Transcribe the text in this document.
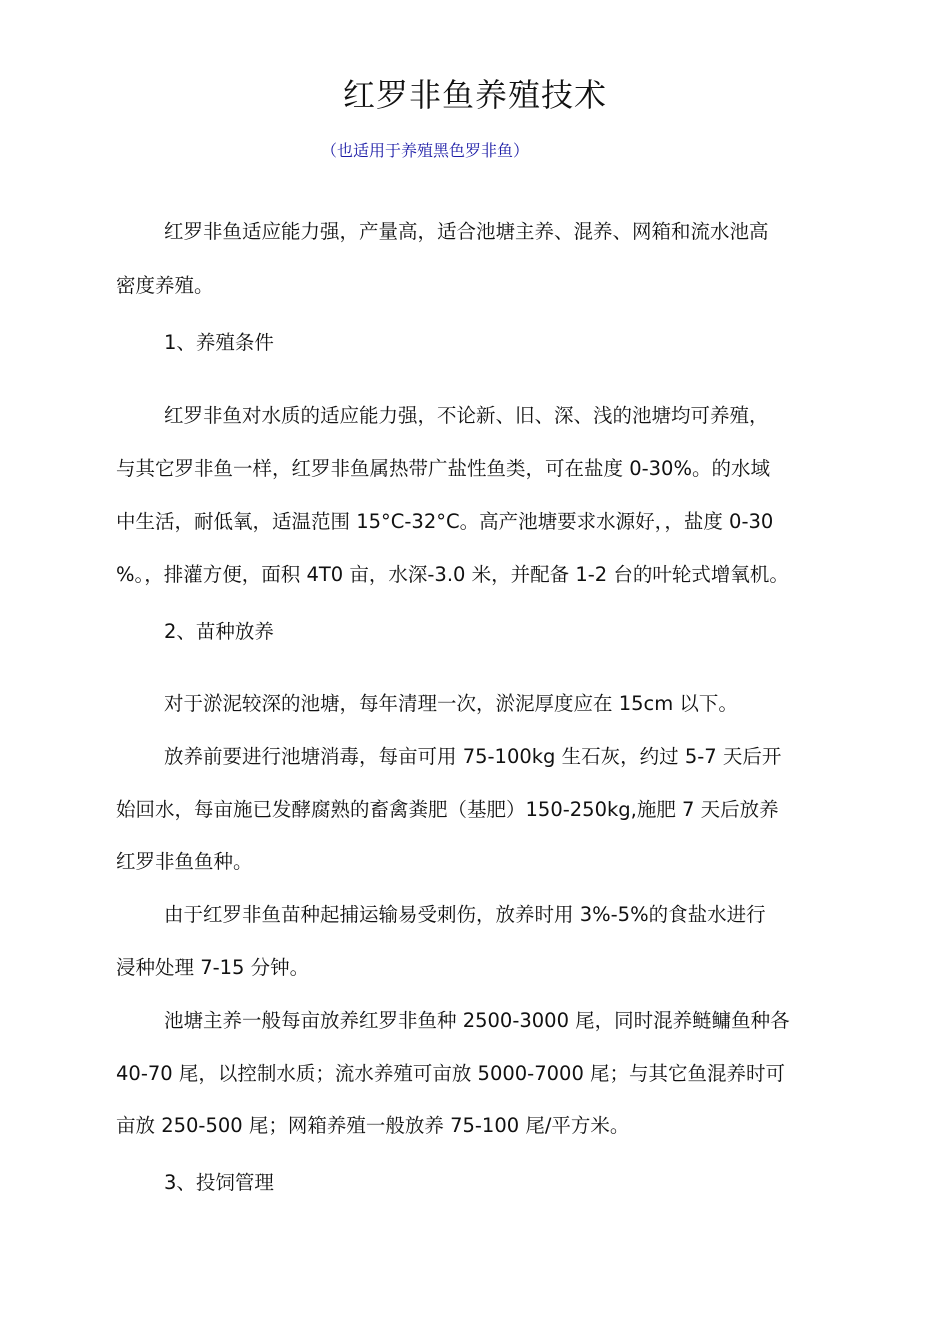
红罗非鱼养殖技术
（也适用于养殖黑色罗非鱼）
红罗非鱼适应能力强，产量高，适合池塘主养、混养、网箱和流水池高
密度养殖。
1、养殖条件
红罗非鱼对水质的适应能力强，不论新、旧、深、浅的池塘均可养殖，
与其它罗非鱼一样，红罗非鱼属热带广盐性鱼类，可在盐度 0-30%。的水域
中生活，耐低氧，适温范围 15°C-32°C。高产池塘要求水源好，，盐度 0-30
%。，排灌方便，面积 4T0 亩，水深-3.0 米，并配备 1-2 台的叶轮式增氧机。
2、苗种放养
对于淤泥较深的池塘，每年清理一次，淤泥厚度应在 15cm 以下。
放养前要进行池塘消毒，每亩可用 75-100kg 生石灰，约过 5-7 天后开
始回水，每亩施已发酵腐熟的畜禽粪肥（基肥）150-250kg,施肥 7 天后放养
红罗非鱼鱼种。
由于红罗非鱼苗种起捕运输易受刺伤，放养时用 3%-5%的食盐水进行
浸种处理 7-15 分钟。
池塘主养一般每亩放养红罗非鱼种 2500-3000 尾，同时混养鲢鳙鱼种各
40-70 尾，以控制水质；流水养殖可亩放 5000-7000 尾；与其它鱼混养时可
亩放 250-500 尾；网箱养殖一般放养 75-100 尾/平方米。
3、投饲管理
